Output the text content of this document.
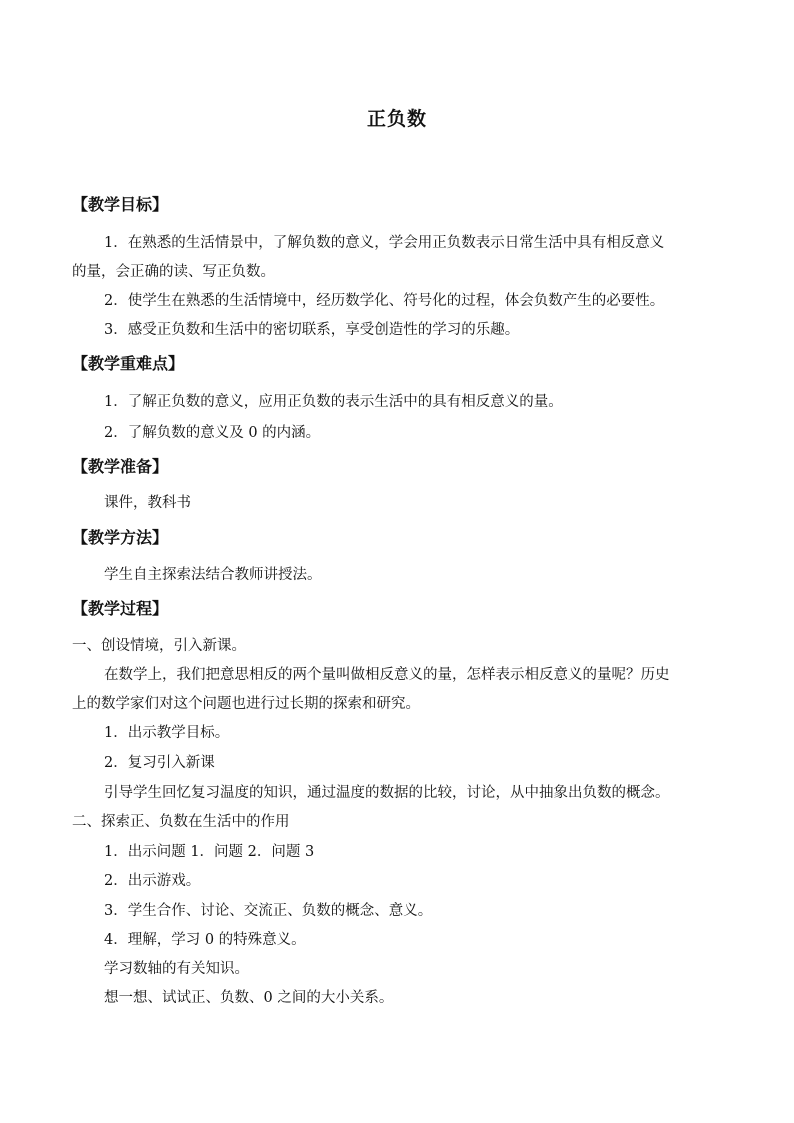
正负数
【教学目标】
1．在熟悉的生活情景中，了解负数的意义，学会用正负数表示日常生活中具有相反意义
的量，会正确的读、写正负数。
2．使学生在熟悉的生活情境中，经历数学化、符号化的过程，体会负数产生的必要性。
3．感受正负数和生活中的密切联系，享受创造性的学习的乐趣。
【教学重难点】
1．了解正负数的意义，应用正负数的表示生活中的具有相反意义的量。
2．了解负数的意义及 0 的内涵。
【教学准备】
课件，教科书
【教学方法】
学生自主探索法结合教师讲授法。
【教学过程】
一、创设情境，引入新课。
在数学上，我们把意思相反的两个量叫做相反意义的量，怎样表示相反意义的量呢？历史
上的数学家们对这个问题也进行过长期的探索和研究。
1．出示教学目标。
2．复习引入新课
引导学生回忆复习温度的知识，通过温度的数据的比较，讨论，从中抽象出负数的概念。
二、探索正、负数在生活中的作用
1．出示问题 1．问题 2．问题 3
2．出示游戏。
3．学生合作、讨论、交流正、负数的概念、意义。
4．理解，学习 0 的特殊意义。
学习数轴的有关知识。
想一想、试试正、负数、0 之间的大小关系。
